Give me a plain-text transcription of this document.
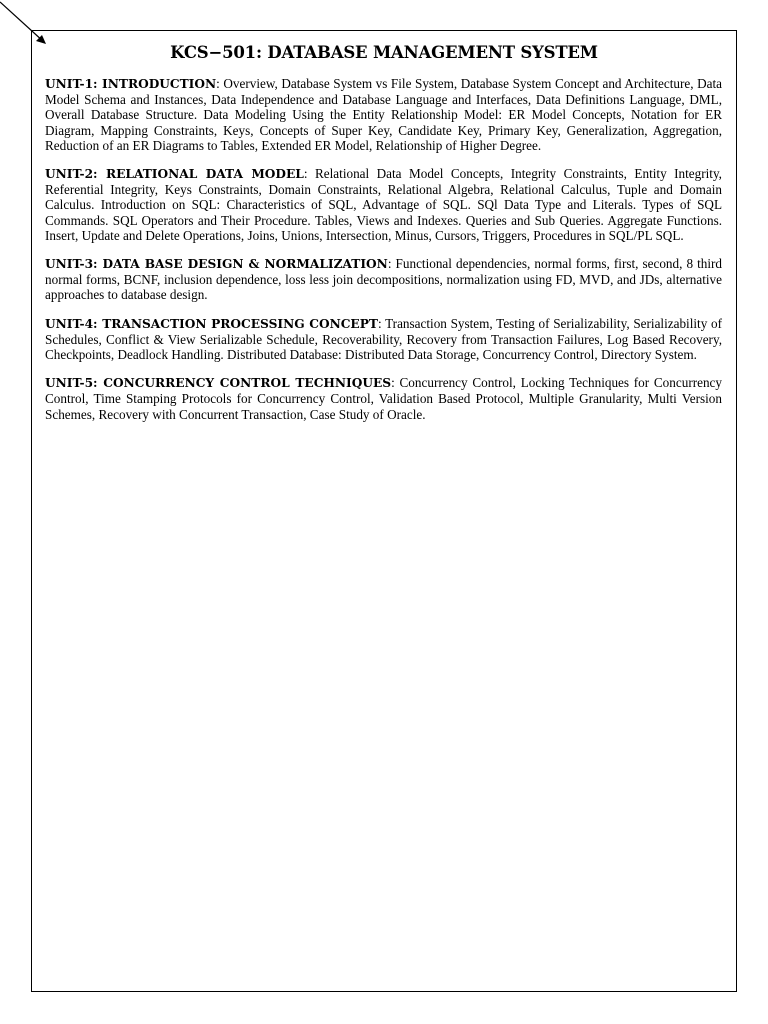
KCS−501: DATABASE MANAGEMENT SYSTEM

UNIT-1: INTRODUCTION: Overview, Database System vs File System, Database System Concept and Architecture, Data Model Schema and Instances, Data Independence and Database Language and Interfaces, Data Definitions Language, DML, Overall Database Structure. Data Modeling Using the Entity Relationship Model: ER Model Concepts, Notation for ER Diagram, Mapping Constraints, Keys, Concepts of Super Key, Candidate Key, Primary Key, Generalization, Aggregation, Reduction of an ER Diagrams to Tables, Extended ER Model, Relationship of Higher Degree.

UNIT-2: RELATIONAL DATA MODEL: Relational Data Model Concepts, Integrity Constraints, Entity Integrity, Referential Integrity, Keys Constraints, Domain Constraints, Relational Algebra, Relational Calculus, Tuple and Domain Calculus. Introduction on SQL: Characteristics of SQL, Advantage of SQL. SQl Data Type and Literals. Types of SQL Commands. SQL Operators and Their Procedure. Tables, Views and Indexes. Queries and Sub Queries. Aggregate Functions. Insert, Update and Delete Operations, Joins, Unions, Intersection, Minus, Cursors, Triggers, Procedures in SQL/PL SQL.

UNIT-3: DATA BASE DESIGN & NORMALIZATION: Functional dependencies, normal forms, first, second, 8 third normal forms, BCNF, inclusion dependence, loss less join decompositions, normalization using FD, MVD, and JDs, alternative approaches to database design.

UNIT-4: TRANSACTION PROCESSING CONCEPT: Transaction System, Testing of Serializability, Serializability of Schedules, Conflict & View Serializable Schedule, Recoverability, Recovery from Transaction Failures, Log Based Recovery, Checkpoints, Deadlock Handling. Distributed Database: Distributed Data Storage, Concurrency Control, Directory System.

UNIT-5: CONCURRENCY CONTROL TECHNIQUES: Concurrency Control, Locking Techniques for Concurrency Control, Time Stamping Protocols for Concurrency Control, Validation Based Protocol, Multiple Granularity, Multi Version Schemes, Recovery with Concurrent Transaction, Case Study of Oracle.
